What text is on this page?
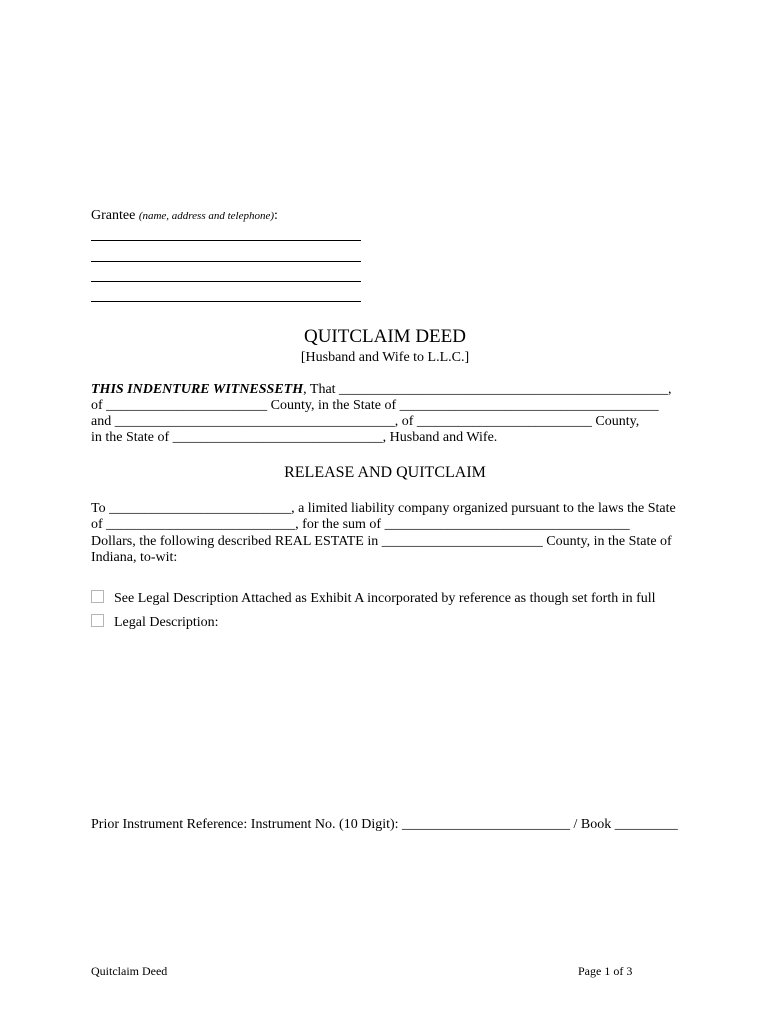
Grantee (name, address and telephone):
QUITCLAIM DEED
[Husband and Wife to L.L.C.]
THIS INDENTURE WITNESSETH, That _______________________________________________,
of _______________________ County, in the State of _____________________________________
and ________________________________________, of _________________________ County,
in the State of ______________________________, Husband and Wife.
RELEASE AND QUITCLAIM
To __________________________, a limited liability company organized pursuant to the laws the State
of ___________________________, for the sum of ___________________________________
Dollars, the following described REAL ESTATE in _______________________ County, in the State of
Indiana, to-wit:
See Legal Description Attached as Exhibit A incorporated by reference as though set forth in full
Legal Description:
Prior Instrument Reference: Instrument No. (10 Digit): ________________________ / Book _________
Quitclaim Deed	Page 1 of 3
